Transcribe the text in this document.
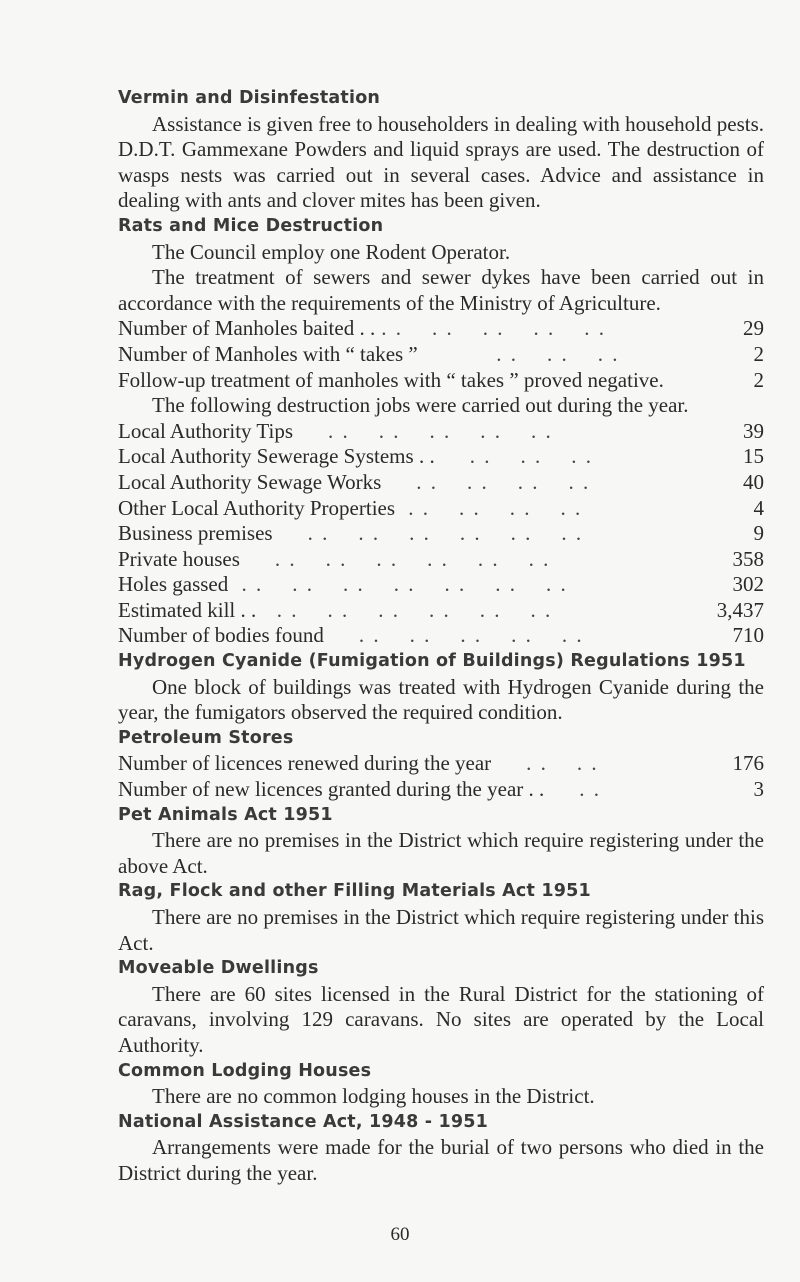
Vermin and Disinfestation

Assistance is given free to householders in dealing with household pests. D.D.T. Gammexane Powders and liquid sprays are used. The destruction of wasps nests was carried out in several cases. Advice and assistance in dealing with ants and clover mites has been given.

Rats and Mice Destruction

The Council employ one Rodent Operator.

The treatment of sewers and sewer dykes have been carried out in accordance with the requirements of the Ministry of Agriculture.

Number of Manholes baited . . . .    . .    . .    . .    . .	29
Number of Manholes with “ takes ” . .    . .    . .	2
Follow-up treatment of manholes with “ takes ” proved negative.	2

The following destruction jobs were carried out during the year.

Local Authority Tips . .    . .    . .    . .    . .	39
Local Authority Sewerage Systems . . . .    . .    . .	15
Local Authority Sewage Works . .    . .    . .    . .	40
Other Local Authority Properties . .    . .    . .    . .	4
Business premises . .    . .    . .    . .    . .    . .	9
Private houses . .    . .    . .    . .    . .    . .	358
Holes gassed . .    . .    . .    . .    . .    . .    . .	302
Estimated kill . . . .    . .    . .    . .    . .    . .	3,437
Number of bodies found . .    . .    . .    . .    . .	710
Hydrogen Cyanide (Fumigation of Buildings) Regulations 1951

One block of buildings was treated with Hydrogen Cyanide during the year, the fumigators observed the required condition.

Petroleum Stores
Number of licences renewed during the year . .    . .	176
Number of new licences granted during the year . . . .	3
Pet Animals Act 1951

There are no premises in the District which require registering under the above Act.

Rag, Flock and other Filling Materials Act 1951

There are no premises in the District which require registering under this Act.

Moveable Dwellings

There are 60 sites licensed in the Rural District for the stationing of caravans, involving 129 caravans. No sites are operated by the Local Authority.

Common Lodging Houses

There are no common lodging houses in the District.

National Assistance Act, 1948 - 1951

Arrangements were made for the burial of two persons who died in the District during the year.

60
